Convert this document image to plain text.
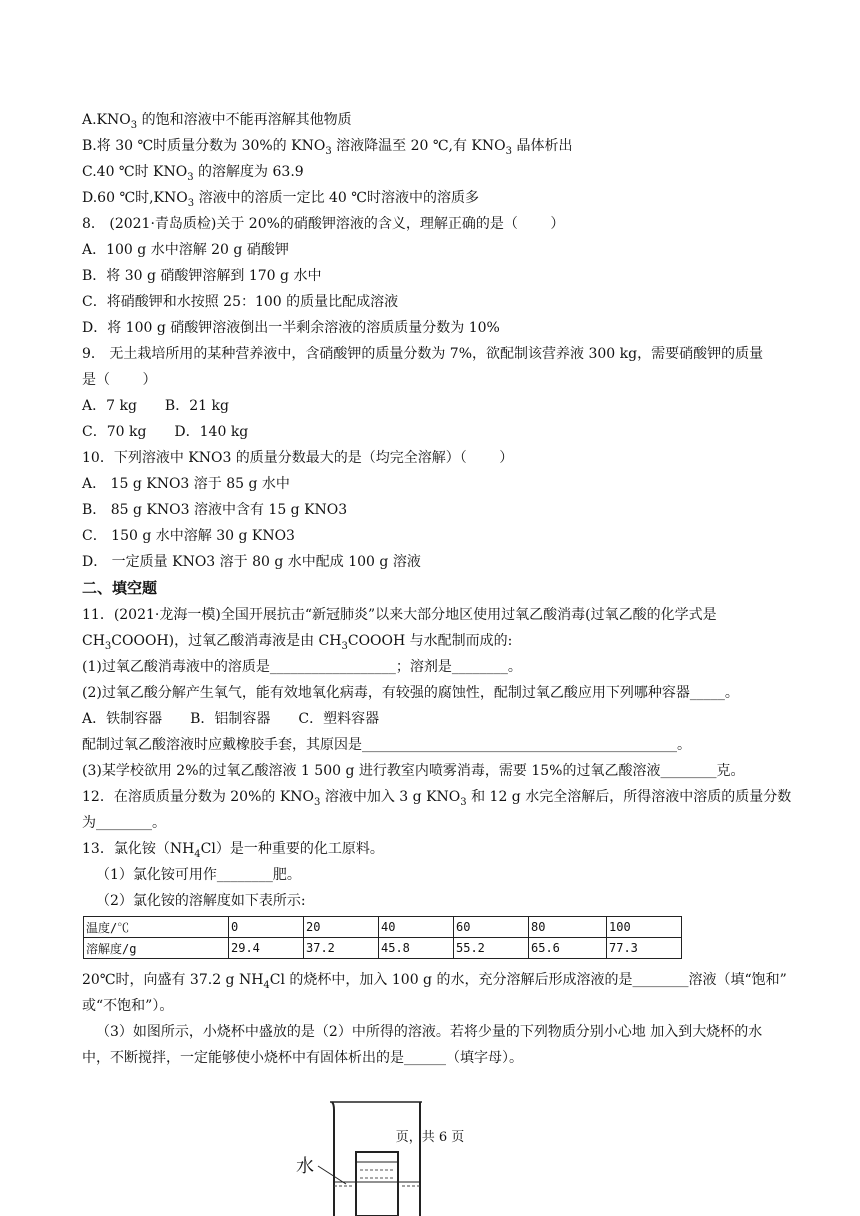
$A.KNO_3$ 的饱和溶液中不能再溶解其他物质
B.将 30 ℃时质量分数为 30%的 $KNO_3$ 溶液降温至 20 ℃,有 $KNO_3$ 晶体析出
C.40 ℃时 $KNO_3$ 的溶解度为 63.9
D.60 ℃时$,KNO_3$ 溶液中的溶质一定比 40 ℃时溶液中的溶质多
8． (2021·青岛质检)关于 20%的硝酸钾溶液的含义，理解正确的是（　　 ）
A．100 g 水中溶解 20 g 硝酸钾
B．将 30 g 硝酸钾溶解到 170 g 水中
C．将硝酸钾和水按照 25：100 的质量比配成溶液
D．将 100 g 硝酸钾溶液倒出一半剩余溶液的溶质质量分数为 10%
9． 无土栽培所用的某种营养液中，含硝酸钾的质量分数为 7%，欲配制该营养液 300 kg，需要硝酸钾的质量
是（　　 ）
A．7 kg　　B．21 kg
C．70 kg　　D．140 kg
10．下列溶液中 KNO3 的质量分数最大的是（均完全溶解）（　　 ）
A． 15 g KNO3 溶于 85 g 水中
B． 85 g KNO3 溶液中含有 15 g KNO3
C． 150 g 水中溶解 30 g KNO3
D． 一定质量 KNO3 溶于 80 g 水中配成 100 g 溶液
二、填空题
11．(2021·龙海一模)全国开展抗击“新冠肺炎”以来大部分地区使用过氧乙酸消毒(过氧乙酸的化学式是
$CH_3COOOH$)，过氧乙酸消毒液是由 $CH_3COOOH$ 与水配制而成的:
(1)过氧乙酸消毒液中的溶质是__________________；溶剂是________。
(2)过氧乙酸分解产生氧气，能有效地氧化病毒，有较强的腐蚀性，配制过氧乙酸应用下列哪种容器_____。
A．铁制容器　　B．铝制容器　　C．塑料容器
配制过氧乙酸溶液时应戴橡胶手套，其原因是_____________________________________________。
(3)某学校欲用 2%的过氧乙酸溶液 1 500 g 进行教室内喷雾消毒，需要 15%的过氧乙酸溶液________克。
12．在溶质质量分数为 20%的 $KNO_3$ 溶液中加入 3 g $KNO_3$ 和 12 g 水完全溶解后，所得溶液中溶质的质量分数
为________。
13．氯化铵$(NH_4Cl)$是一种重要的化工原料。
（1）氯化铵可用作________肥。
（2）氯化铵的溶解度如下表所示:
20℃时，向盛有 37.2 g $NH_4Cl$ 的烧杯中，加入 100 g 的水，充分溶解后形成溶液的是________溶液（填“饱和”
或“不饱和”）。
（3）如图所示，小烧杯中盛放的是（2）中所得的溶液。若将少量的下列物质分别小心地 加入到大烧杯的水
中，不断搅拌，一定能够使小烧杯中有固体析出的是______（填字母）。
温度/℃	0	20	40	60	80	100
溶解度/g	29.4	37.2	45.8	55.2	65.6	77.3
水
页，共 6 页
